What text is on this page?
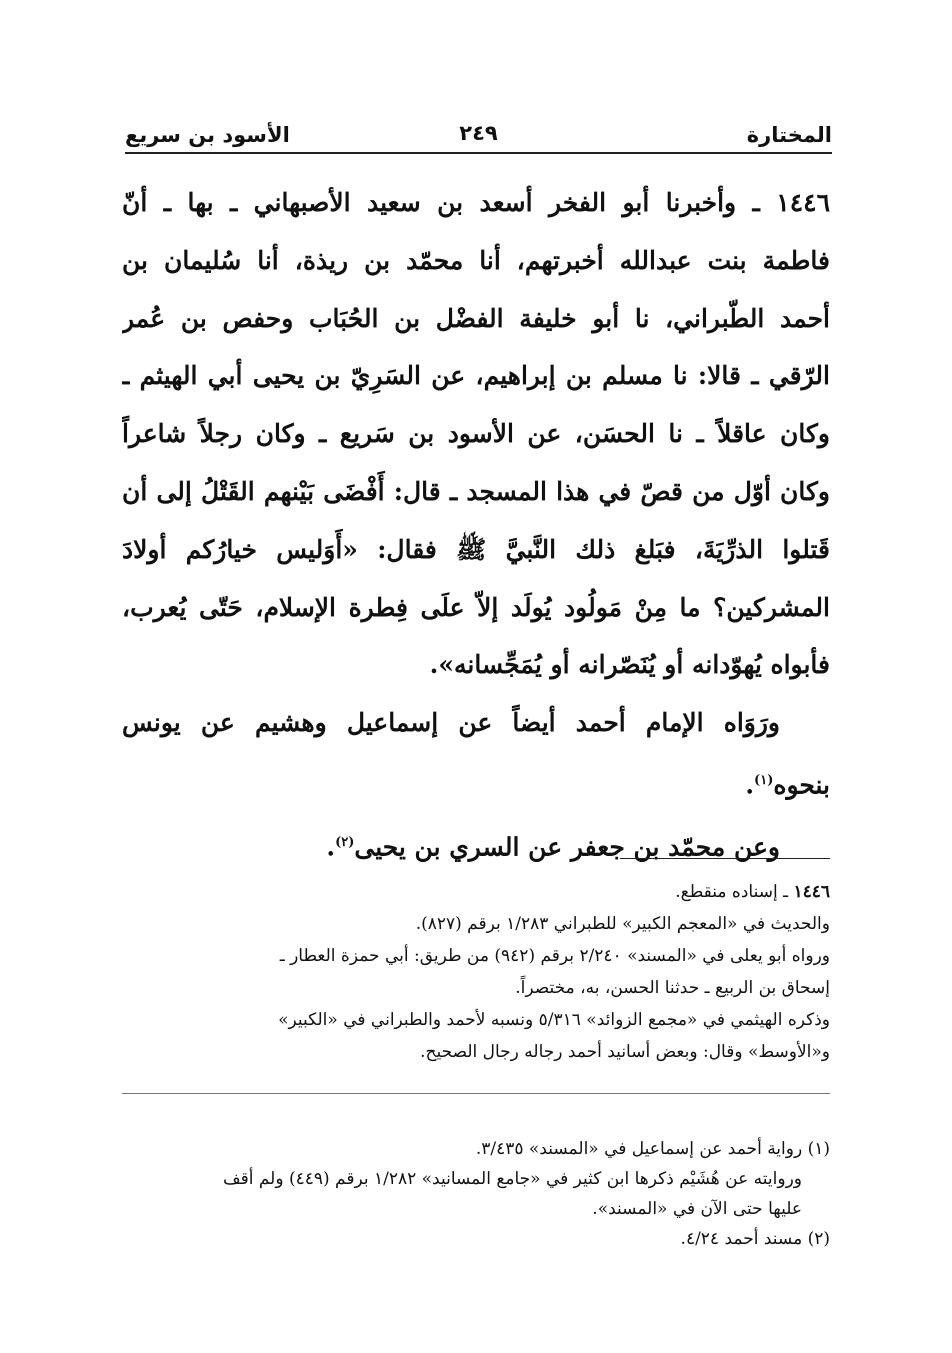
المختارة
٢٤٩
الأسود بن سريع

١٤٤٦ ـ وأخبرنا أبو الفخر أسعد بن سعيد الأصبهاني ـ بها ـ أنّ
فاطمة بنت عبدالله أخبرتهم، أنا محمّد بن ريذة، أنا سُليمان بن
أحمد الطّبراني، نا أبو خليفة الفضْل بن الحُبَاب وحفص بن عُمر
الرّقي ـ قالا: نا مسلم بن إبراهيم، عن السَرِيّ بن يحيى أبي الهيثم ـ
وكان عاقلاً ـ نا الحسَن، عن الأسود بن سَريع ـ وكان رجلاً شاعراً
وكان أوّل من قصّ في هذا المسجد ـ قال: أَفْضَى بَيْنهم القَتْلُ إلى أن
قَتلوا الذرِّيَةَ، فبَلغ ذلك النَّبيَّ ﷺ فقال: «أَوَليس خيارُكم أولادَ
المشركين؟ ما مِنْ مَولُود يُولَد إلاّ علَى فِطرة الإسلام، حَتّى يُعرب،
فأبواه يُهوّدانه أو يُنَصّرانه أو يُمَجِّسانه».

ورَوَاه الإمام أحمد أيضاً عن إسماعيل وهشيم عن يونس
بنحوه$^{(١)}$.

وعن محمّد بن جعفر عن السري بن يحيى$^{(٢)}$.

١٤٤٦ ـ إسناده منقطع.
والحديث في «المعجم الكبير» للطبراني ١/٢٨٣ برقم (٨٢٧).
ورواه أبو يعلى في «المسند» ٢/٢٤٠ برقم (٩٤٢) من طريق: أبي حمزة العطار ـ
إسحاق بن الربيع ـ حدثنا الحسن، به، مختصراً.
وذكره الهيثمي في «مجمع الزوائد» ٥/٣١٦ ونسبه لأحمد والطبراني في «الكبير»
و«الأوسط» وقال: وبعض أسانيد أحمد رجاله رجال الصحيح.
(١) رواية أحمد عن إسماعيل في «المسند» ٣/٤٣٥.
وروايته عن هُشَيْم ذكرها ابن كثير في «جامع المسانيد» ١/٢٨٢ برقم (٤٤٩) ولم أقف
عليها حتى الآن في «المسند».
(٢) مسند أحمد ٤/٢٤.
